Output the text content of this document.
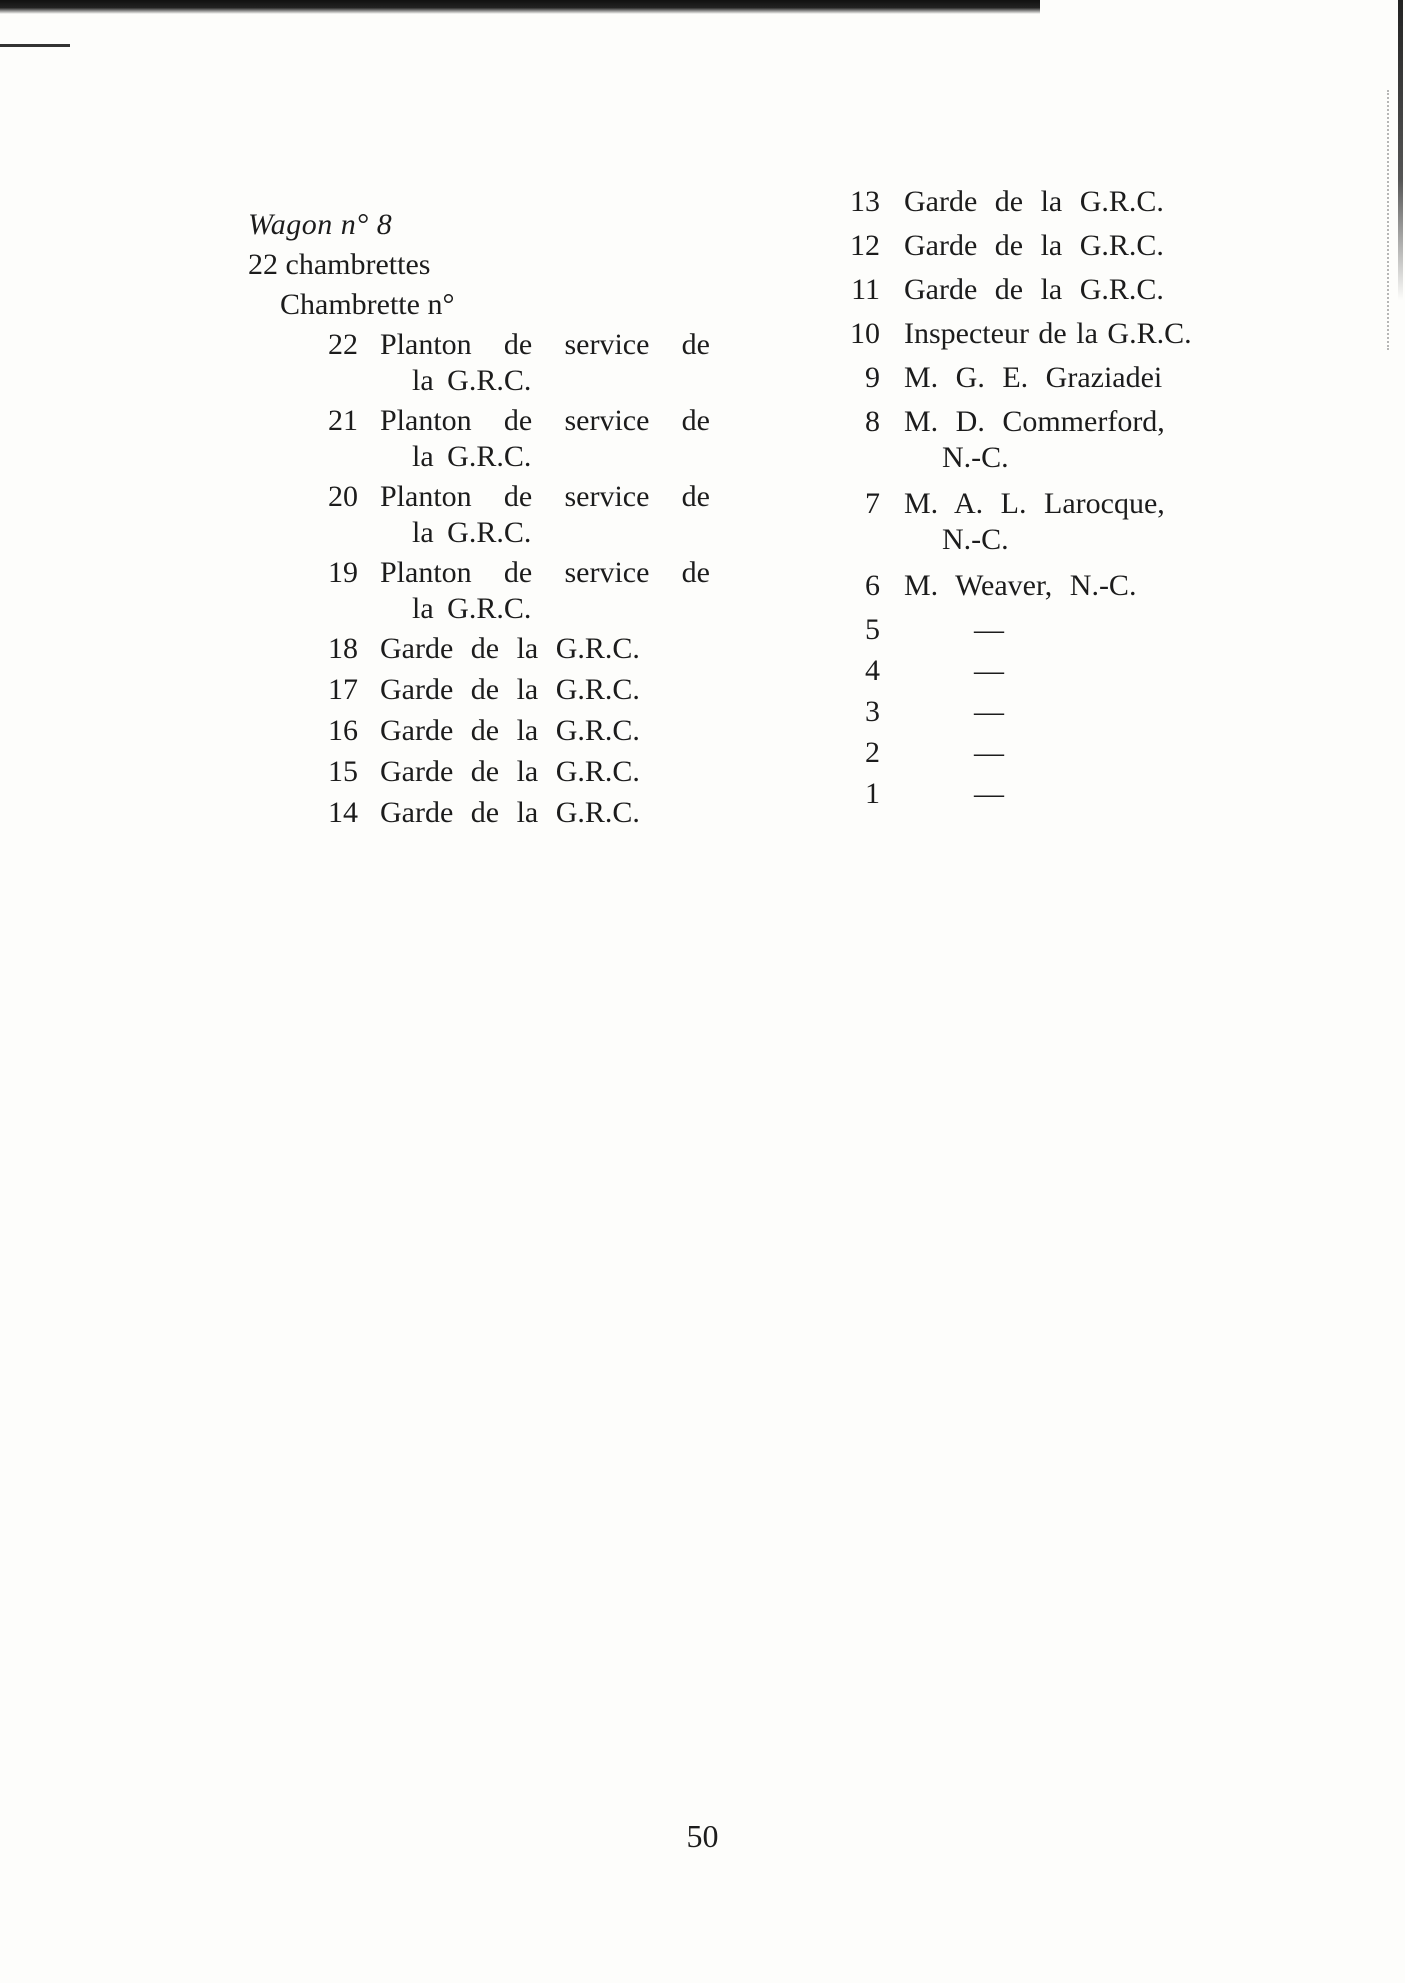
Wagon n° 8

22 chambrettes

Chambrette n°

22 Planton de service de
la G.R.C.
21 Planton de service de
la G.R.C.
20 Planton de service de
la G.R.C.
19 Planton de service de
la G.R.C.
18 Garde de la G.R.C.
17 Garde de la G.R.C.
16 Garde de la G.R.C.
15 Garde de la G.R.C.
14 Garde de la G.R.C.
13 Garde de la G.R.C.
12 Garde de la G.R.C.
11 Garde de la G.R.C.
10 Inspecteur de la G.R.C.
9 M. G. E. Graziadei
8 M. D. Commerford,
N.-C.
7 M. A. L. Larocque,
N.-C.
6 M. Weaver, N.-C.
5	—
4	—
3	—
2	—
1	—
50
